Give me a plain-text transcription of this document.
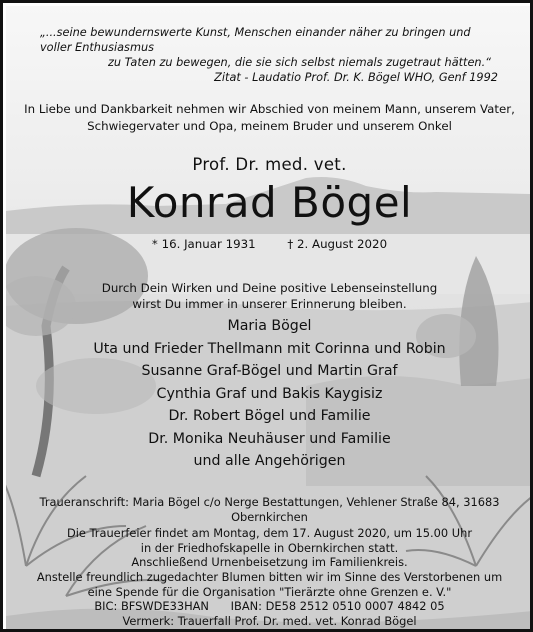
„...seine bewundernswerte Kunst, Menschen einander näher zu bringen und voller Enthusiasmus
zu Taten zu bewegen, die sie sich selbst niemals zugetraut hätten.“
Zitat - Laudatio Prof. Dr. K. Bögel WHO, Genf 1992
In Liebe und Dankbarkeit nehmen wir Abschied von meinem Mann, unserem Vater,
Schwiegervater und Opa, meinem Bruder und unserem Onkel
Prof. Dr. med. vet.
Konrad Bögel
* 16. Januar 1931	† 2. August 2020
Durch Dein Wirken und Deine positive Lebenseinstellung
wirst Du immer in unserer Erinnerung bleiben.
Maria Bögel
Uta und Frieder Thellmann mit Corinna und Robin
Susanne Graf-Bögel und Martin Graf
Cynthia Graf und Bakis Kaygisiz
Dr. Robert Bögel und Familie
Dr. Monika Neuhäuser und Familie
und alle Angehörigen
Traueranschrift: Maria Bögel c/o Nerge Bestattungen, Vehlener Straße 84, 31683 Obernkirchen
Die Trauerfeier findet am Montag, dem 17. August 2020, um 15.00 Uhr
in der Friedhofskapelle in Obernkirchen statt.
Anschließend Urnenbeisetzung im Familienkreis.
Anstelle freundlich zugedachter Blumen bitten wir im Sinne des Verstorbenen um
eine Spende für die Organisation "Tierärzte ohne Grenzen e. V."
BIC: BFSWDE33HAN      IBAN: DE58 2512 0510 0007 4842 05
Vermerk: Trauerfall Prof. Dr. med. vet. Konrad Bögel
